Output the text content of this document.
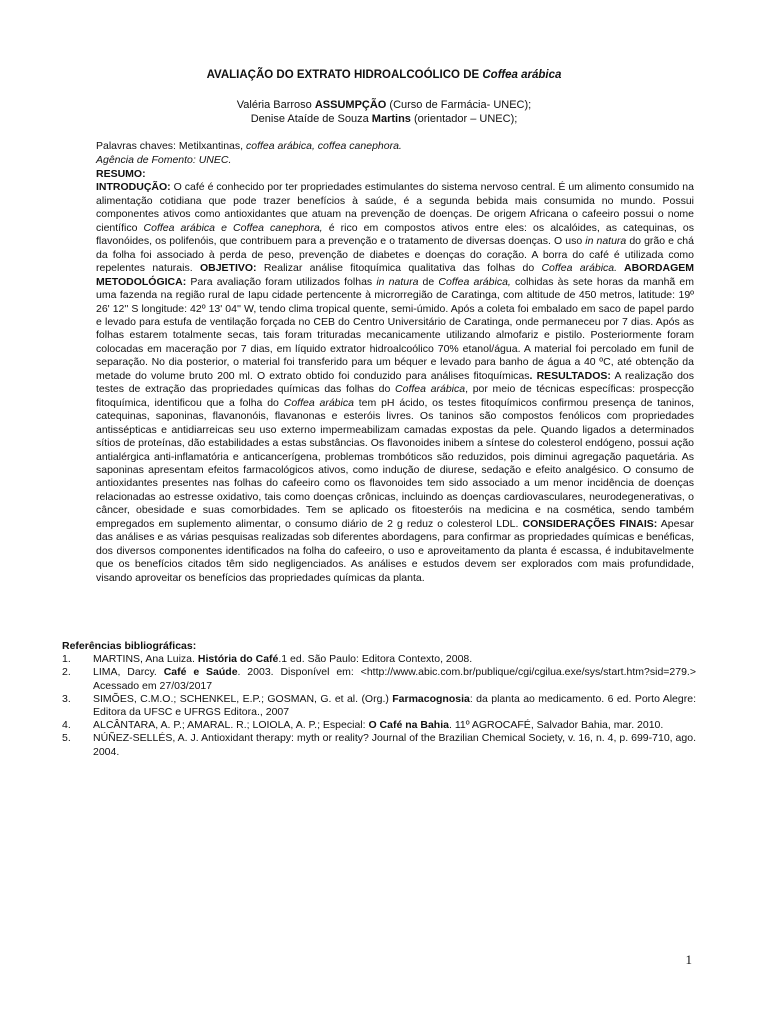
AVALIAÇÃO DO EXTRATO HIDROALCOÓLICO DE Coffea arábica
Valéria Barroso ASSUMPÇÃO (Curso de Farmácia- UNEC);
Denise Ataíde de Souza Martins (orientador – UNEC);
Palavras chaves: Metilxantinas, coffea arábica, coffea canephora.
Agência de Fomento: UNEC.
RESUMO:
INTRODUÇÃO: O café é conhecido por ter propriedades estimulantes do sistema nervoso central. É um alimento consumido na alimentação cotidiana que pode trazer benefícios à saúde, é a segunda bebida mais consumida no mundo. Possui componentes ativos como antioxidantes que atuam na prevenção de doenças. De origem Africana o cafeeiro possui o nome científico Coffea arábica e Coffea canephora, é rico em compostos ativos entre eles: os alcalóides, as catequinas, os flavonóides, os polifenóis, que contribuem para a prevenção e o tratamento de diversas doenças. O uso in natura do grão e chá da folha foi associado à perda de peso, prevenção de diabetes e doenças do coração. A borra do café é utilizada como repelentes naturais. OBJETIVO: Realizar análise fitoquímica qualitativa das folhas do Coffea arábica. ABORDAGEM METODOLÓGICA: Para avaliação foram utilizados folhas in natura de Coffea arábica, colhidas às sete horas da manhã em uma fazenda na região rural de Iapu cidade pertencente à microrregião de Caratinga, com altitude de 450 metros, latitude: 19º 26' 12'' S longitude: 42º 13' 04'' W, tendo clima tropical quente, semi-úmido. Após a coleta foi embalado em saco de papel pardo e levado para estufa de ventilação forçada no CEB do Centro Universitário de Caratinga, onde permaneceu por 7 dias. Após as folhas estarem totalmente secas, tais foram trituradas mecanicamente utilizando almofariz e pistilo. Posteriormente foram colocadas em maceração por 7 dias, em líquido extrator hidroalcoólico 70% etanol/água. A material foi percolado em funil de separação. No dia posterior, o material foi transferido para um béquer e levado para banho de água a 40 ºC, até obtenção da metade do volume bruto 200 ml. O extrato obtido foi conduzido para análises fitoquímicas. RESULTADOS: A realização dos testes de extração das propriedades químicas das folhas do Coffea arábica, por meio de técnicas específicas: prospecção fitoquímica, identificou que a folha do Coffea arábica tem pH ácido, os testes fitoquímicos confirmou presença de taninos, catequinas, saponinas, flavanonóis, flavanonas e esteróis livres. Os taninos são compostos fenólicos com propriedades antissépticas e antidiarreicas seu uso externo impermeabilizam camadas expostas da pele. Quando ligados a determinados sítios de proteínas, dão estabilidades a estas substâncias. Os flavonoides inibem a síntese do colesterol endógeno, possui ação antialérgica anti-inflamatória e anticancerígena, problemas trombóticos são reduzidos, pois diminui agregação paquetária. As saponinas apresentam efeitos farmacológicos ativos, como indução de diurese, sedação e efeito analgésico. O consumo de antioxidantes presentes nas folhas do cafeeiro como os flavonoides tem sido associado a um menor incidência de doenças relacionadas ao estresse oxidativo, tais como doenças crônicas, incluindo as doenças cardiovasculares, neurodegenerativas, o câncer, obesidade e suas comorbidades. Tem se aplicado os fitoesteróis na medicina e na cosmética, sendo também empregados em suplemento alimentar, o consumo diário de 2 g reduz o colesterol LDL. CONSIDERAÇÕES FINAIS: Apesar das análises e as várias pesquisas realizadas sob diferentes abordagens, para confirmar as propriedades químicas e benéficas, dos diversos componentes identificados na folha do cafeeiro, o uso e aproveitamento da planta é escassa, é indubitavelmente que os benefícios citados têm sido negligenciados. As análises e estudos devem ser explorados com mais profundidade, visando aproveitar os benefícios das propriedades químicas da planta.
Referências bibliográficas:
1.	MARTINS, Ana Luiza. História do Café.1 ed. São Paulo: Editora Contexto, 2008.
2.	LIMA, Darcy. Café e Saúde. 2003. Disponível em: <http://www.abic.com.br/publique/cgi/cgilua.exe/sys/start.htm?sid=279.> Acessado em 27/03/2017
3.	SIMÕES, C.M.O.; SCHENKEL, E.P.; GOSMAN, G. et al. (Org.) Farmacognosia: da planta ao medicamento. 6 ed. Porto Alegre: Editora da UFSC e UFRGS Editora., 2007
4.	ALCÂNTARA, A. P.; AMARAL. R.; LOIOLA, A. P.; Especial: O Café na Bahia. 11º AGROCAFÉ, Salvador Bahia, mar. 2010.
5.	NÚÑEZ-SELLÉS, A. J. Antioxidant therapy: myth or reality? Journal of the Brazilian Chemical Society, v. 16, n. 4, p. 699-710, ago. 2004.
1
